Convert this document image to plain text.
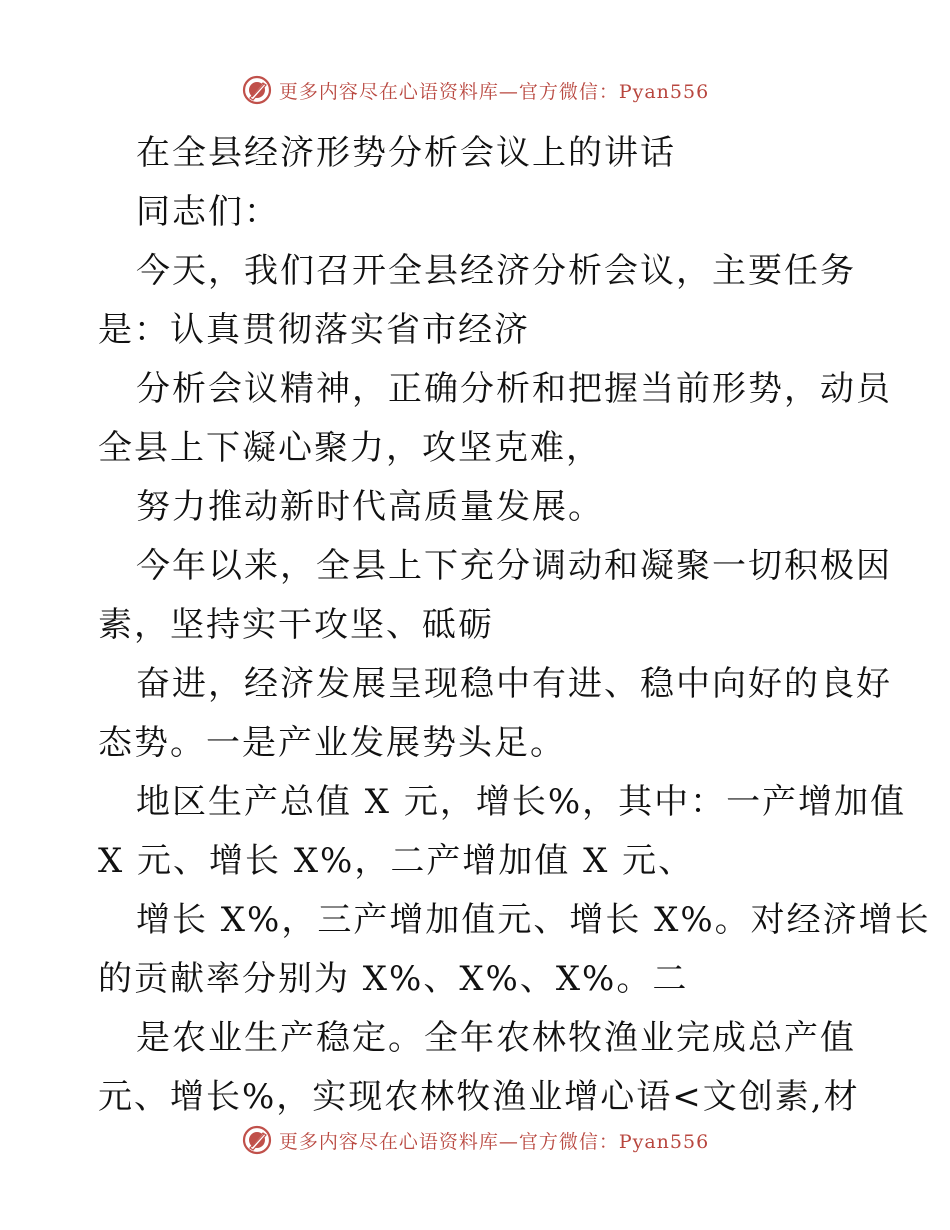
更多内容尽在心语资料库—官方微信：Pyan556
在全县经济形势分析会议上的讲话
同志们：
今天，我们召开全县经济分析会议，主要任务
是：认真贯彻落实省市经济
分析会议精神，正确分析和把握当前形势，动员
全县上下凝心聚力，攻坚克难，
努力推动新时代高质量发展。
今年以来，全县上下充分调动和凝聚一切积极因
素，坚持实干攻坚、砥砺
奋进，经济发展呈现稳中有进、稳中向好的良好
态势。一是产业发展势头足。
地区生产总值 X 元，增长%，其中：一产增加值
X 元、增长 X%，二产增加值 X 元、
增长 X%，三产增加值元、增长 X%。对经济增长
的贡献率分别为 X%、X%、X%。二
是农业生产稳定。全年农林牧渔业完成总产值
元、增长%，实现农林牧渔业增心语<文创素,材
更多内容尽在心语资料库—官方微信：Pyan556
